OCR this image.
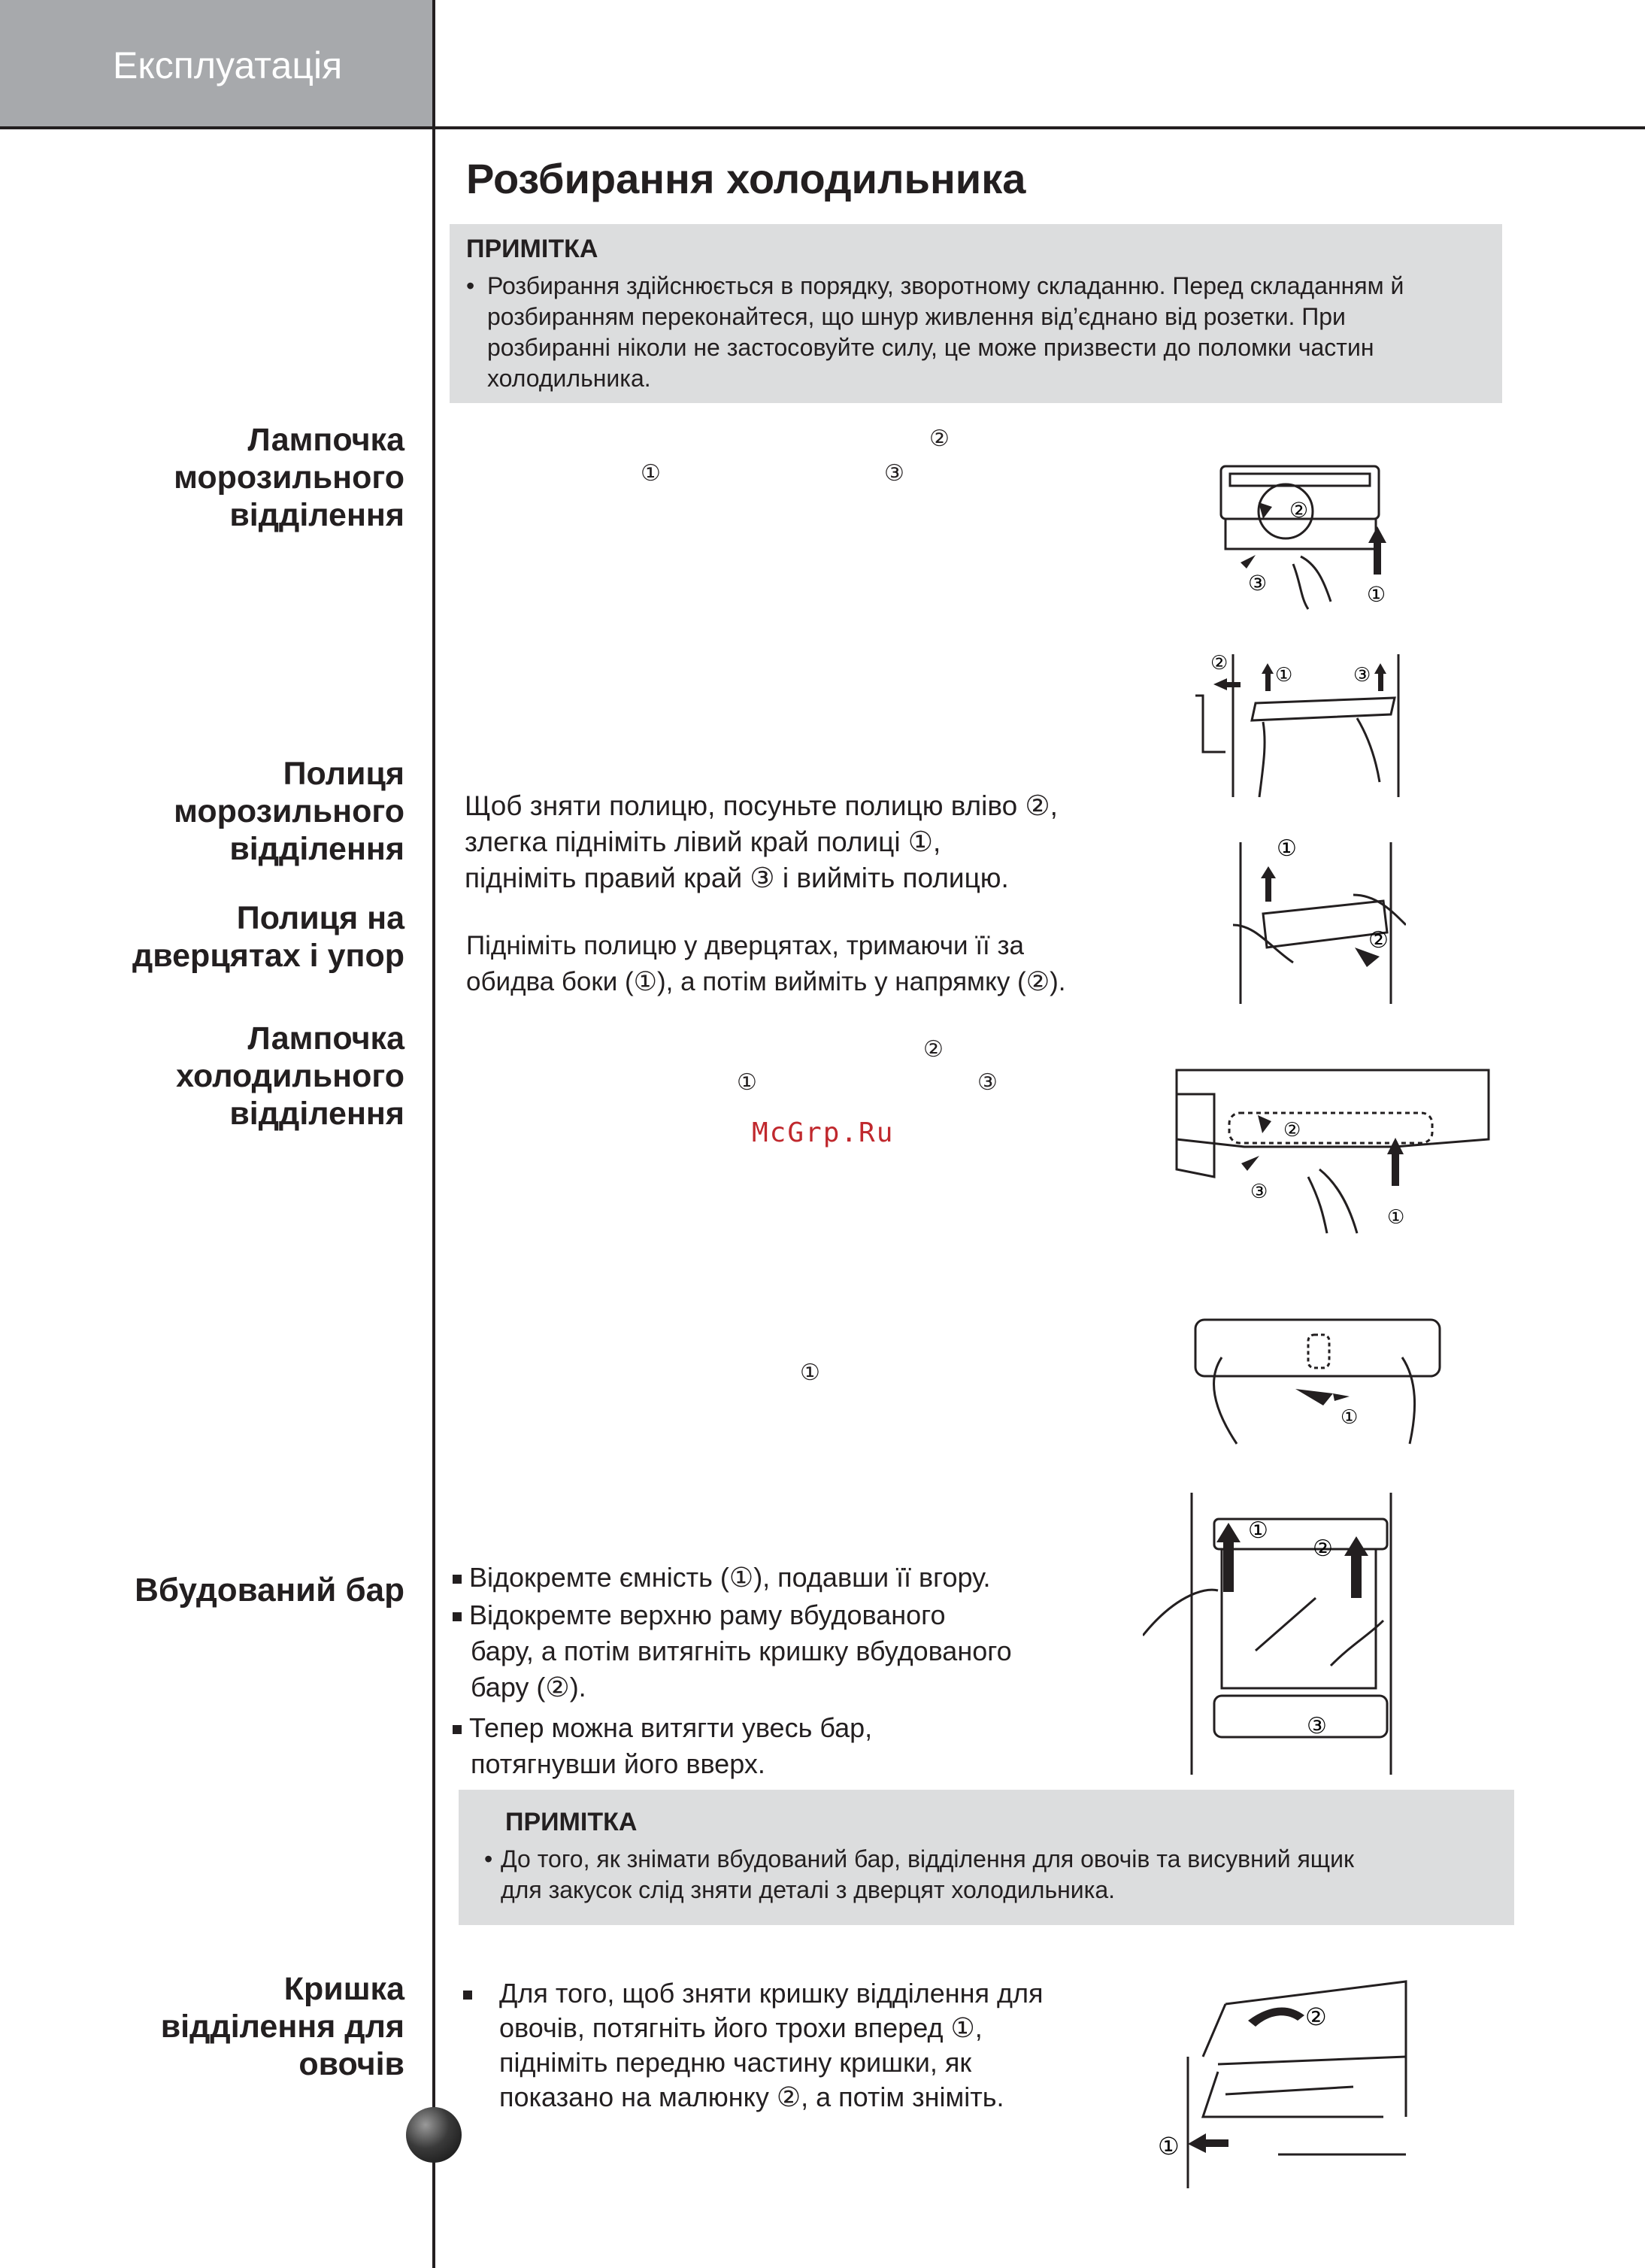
Експлуатація
Розбирання холодильника
ПРИМІТКА
• Розбирання здійснюється в порядку, зворотному складанню. Перед складанням й
розбиранням переконайтеся, що шнур живлення від’єднано від розетки. При
розбиранні ніколи не застосовуйте силу, це може призвести до поломки частин
холодильника.
Лампочка
морозильного
відділення
②
①	③
Полиця
морозильного
відділення
Щоб зняти полицю, посуньте полицю вліво ②,
злегка підніміть лівий край полиці ①,
підніміть правий край ③ і вийміть полицю.
Полиця на
дверцятах і упор Підніміть полицю у дверцятах, тримаючи її за
обидва боки (①), а потім вийміть у напрямку (②).
Лампочка
холодильного
відділення
②
①	③
①
McGrp.Ru
Вбудований бар	Відокремте ємність (①), подавши її вгору.
Відокремте верхню раму вбудованого
бару, а потім витягніть кришку вбудованого
бару (②).
Тепер можна витягти увесь бар,
потягнувши його вверх.
ПРИМІТКА
• До того, як знімати вбудований бар, відділення для овочів та висувний ящик
для закусок слід зняти деталі з дверцят холодильника.
Кришка
відділення для
овочів
Для того, щоб зняти кришку відділення для
овочів, потягніть його трохи вперед ①,
підніміть передню частину кришки, як
показано на малюнку ②, а потім зніміть.
②
③	①
②
①	③
①
②
②
③
①
①
①
②
③
②
①
